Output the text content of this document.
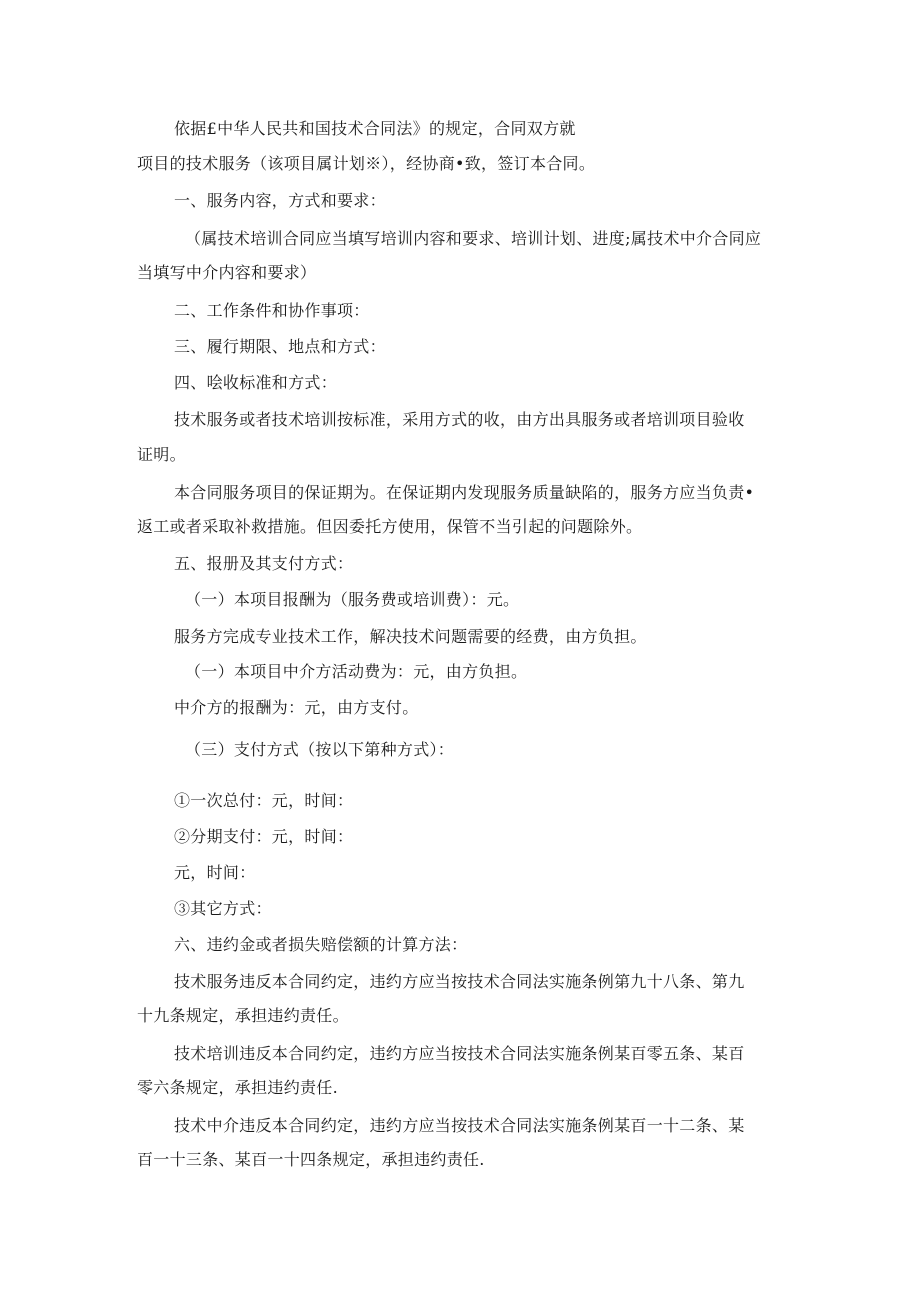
依据£中华人民共和国技术合同法》的规定，合同双方就
项目的技术服务（该项目属计划※），经协商•致，签订本合同。
一、服务内容，方式和要求：
（属技术培训合同应当填写培训内容和要求、培训计划、进度;属技术中介合同应
当填写中介内容和要求）
二、工作条件和协作事项：
三、履行期限、地点和方式：
四、哙收标准和方式：
技术服务或者技术培训按标准，采用方式的收，由方出具服务或者培训项目验收
证明。
本合同服务项目的保证期为。在保证期内发现服务质量缺陷的，服务方应当负责•
返工或者采取补救措施。但因委托方使用，保管不当引起的问题除外。
五、报册及其支付方式：
（一）本项目报酬为（服务费或培训费）：元。
服务方完成专业技术工作，解决技术问题需要的经费，由方负担。
（一）本项目中介方活动费为：元，由方负担。
中介方的报酬为：元，由方支付。
（三）支付方式（按以下第种方式）：
①一次总付：元，时间：
②分期支付：元，时间：
元，时间：
③其它方式：
六、违约金或者损失赔偿额的计算方法：
技术服务违反本合同约定，违约方应当按技术合同法实施条例第九十八条、第九
十九条规定，承担违约责任。
技术培训违反本合同约定，违约方应当按技术合同法实施条例某百零五条、某百
零六条规定，承担违约责任.
技术中介违反本合同约定，违约方应当按技术合同法实施条例某百一十二条、某
百一十三条、某百一十四条规定，承担违约责任.
